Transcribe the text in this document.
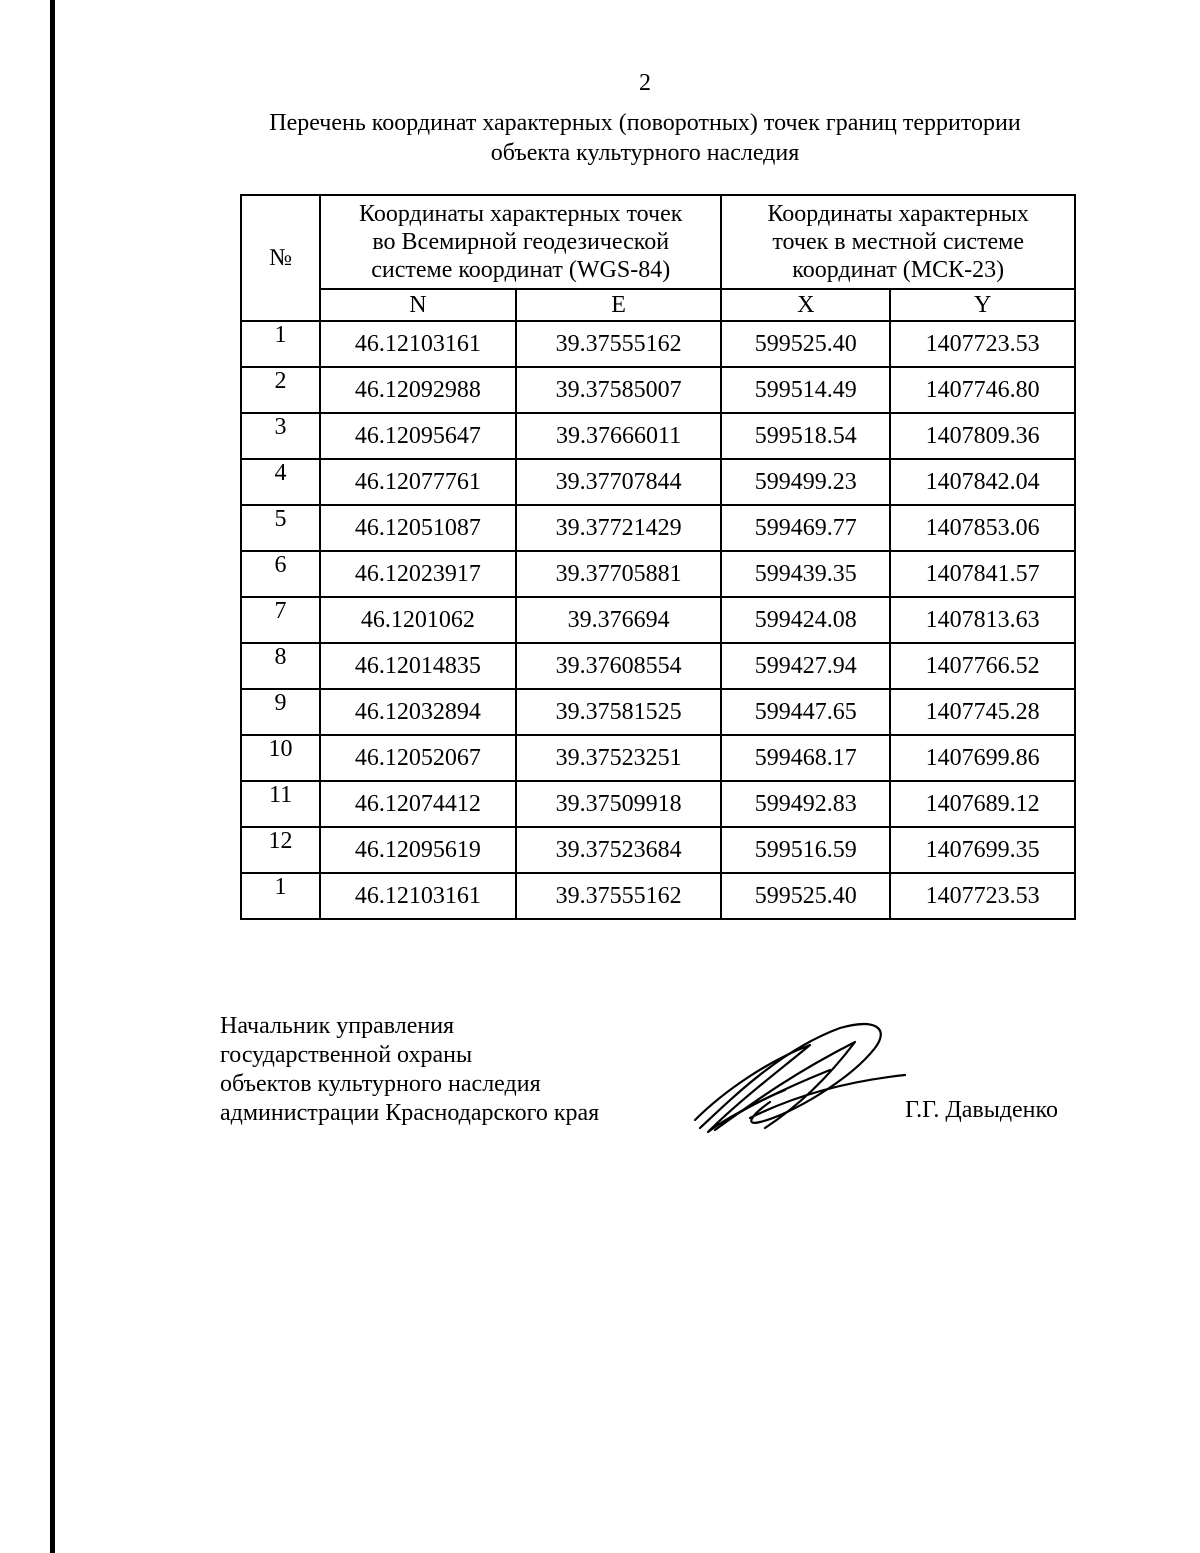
2
Перечень координат характерных (поворотных) точек границ территории
объекта культурного наследия
№	Координаты характерных точек
во Всемирной геодезической
системе координат (WGS-84)		Координаты характерных
точек в местной системе
координат (МСК-23)	

	N	E	X	Y
1	46.12103161	39.37555162	599525.40	1407723.53
2	46.12092988	39.37585007	599514.49	1407746.80
3	46.12095647	39.37666011	599518.54	1407809.36
4	46.12077761	39.37707844	599499.23	1407842.04
5	46.12051087	39.37721429	599469.77	1407853.06
6	46.12023917	39.37705881	599439.35	1407841.57
7	46.1201062	39.376694	599424.08	1407813.63
8	46.12014835	39.37608554	599427.94	1407766.52
9	46.12032894	39.37581525	599447.65	1407745.28
10	46.12052067	39.37523251	599468.17	1407699.86
11	46.12074412	39.37509918	599492.83	1407689.12
12	46.12095619	39.37523684	599516.59	1407699.35
1	46.12103161	39.37555162	599525.40	1407723.53
Начальник управления
государственной охраны
объектов культурного наследия
администрации Краснодарского края	Г.Г. Давыденко
